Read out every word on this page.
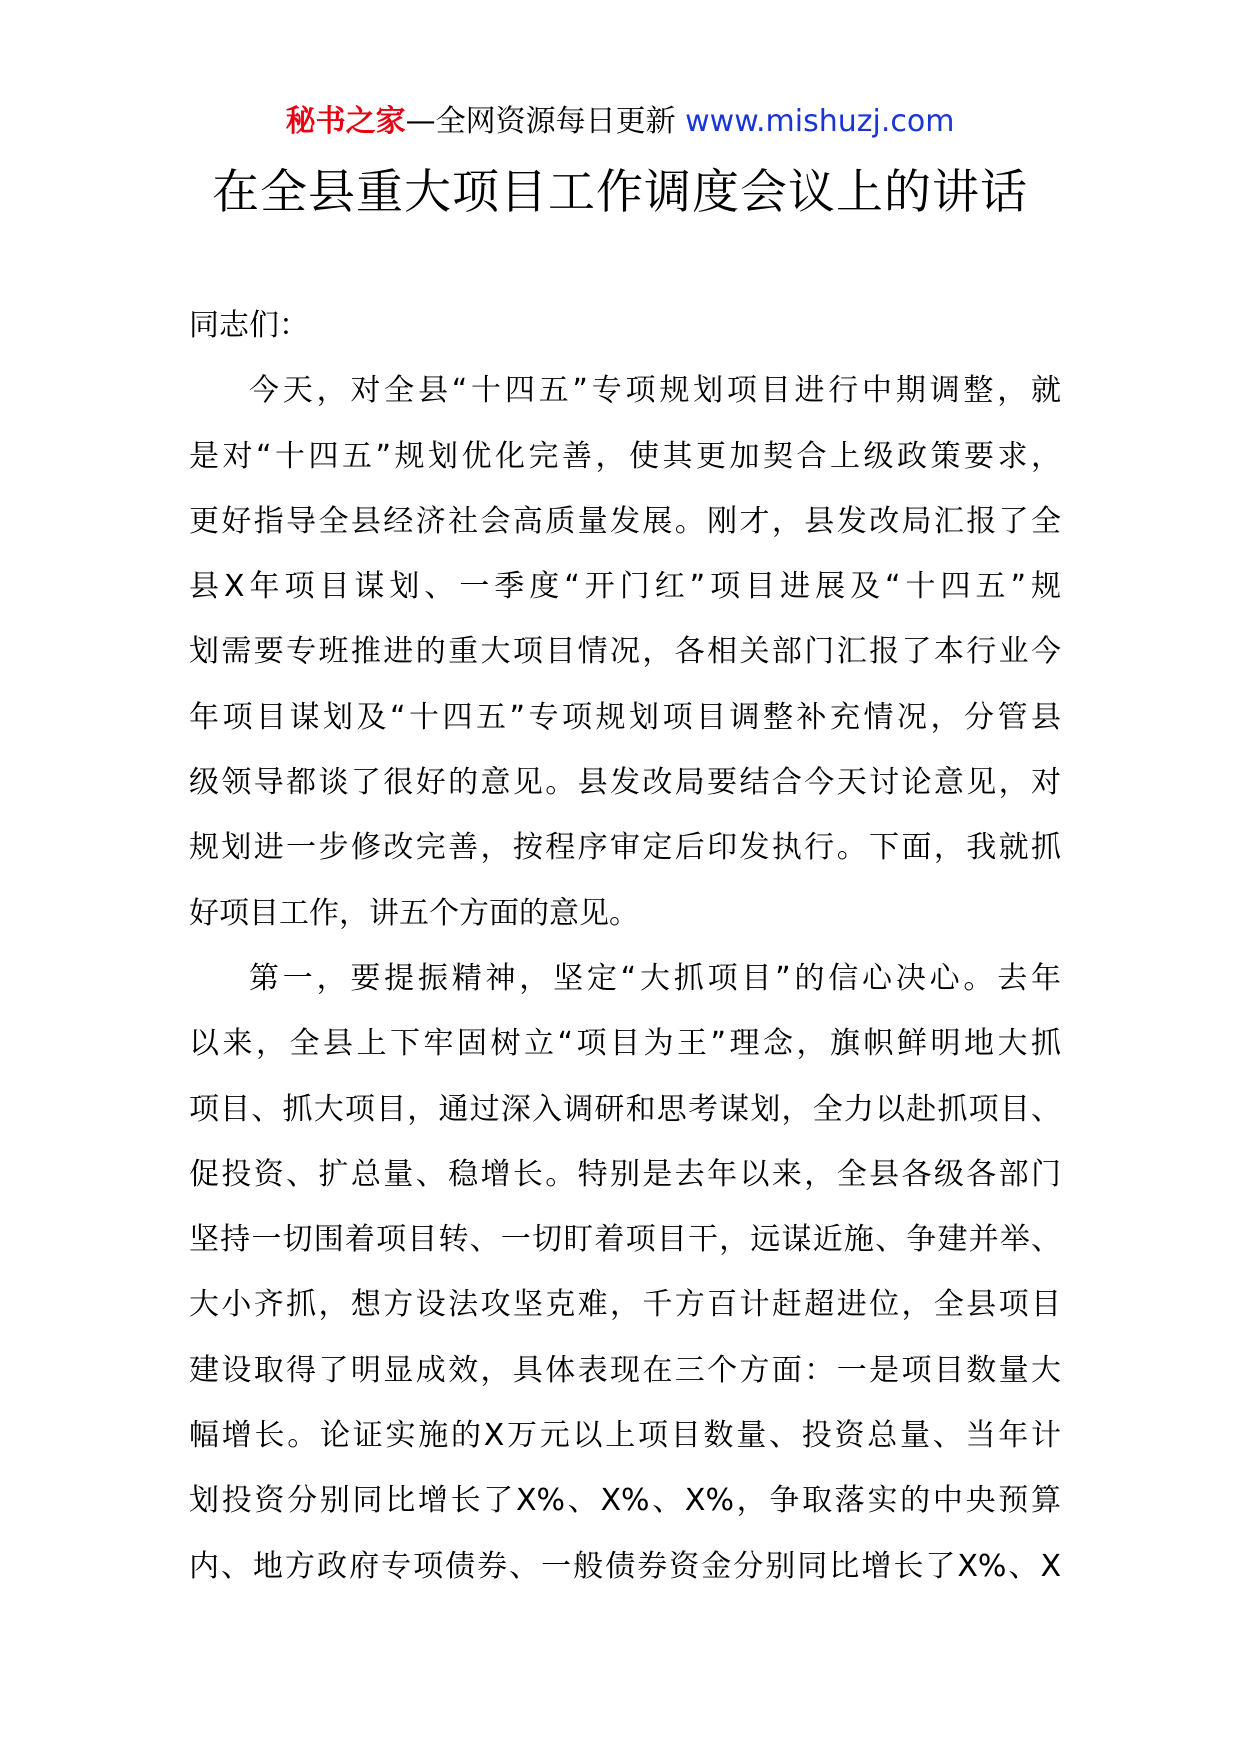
秘书之家—全网资源每日更新 www.mishuzj.com
在全县重大项目工作调度会议上的讲话

同志们：

今天，对全县“十四五”专项规划项目进行中期调整，就

是对“十四五”规划优化完善，使其更加契合上级政策要求，

更好指导全县经济社会高质量发展。刚才，县发改局汇报了全

县X年项目谋划、一季度“开门红”项目进展及“十四五”规

划需要专班推进的重大项目情况，各相关部门汇报了本行业今

年项目谋划及“十四五”专项规划项目调整补充情况，分管县

级领导都谈了很好的意见。县发改局要结合今天讨论意见，对

规划进一步修改完善，按程序审定后印发执行。下面，我就抓

好项目工作，讲五个方面的意见。

第一，要提振精神，坚定“大抓项目”的信心决心。去年

以来，全县上下牢固树立“项目为王”理念，旗帜鲜明地大抓

项目、抓大项目，通过深入调研和思考谋划，全力以赴抓项目、

促投资、扩总量、稳增长。特别是去年以来，全县各级各部门

坚持一切围着项目转、一切盯着项目干，远谋近施、争建并举、

大小齐抓，想方设法攻坚克难，千方百计赶超进位，全县项目

建设取得了明显成效，具体表现在三个方面：一是项目数量大

幅增长。论证实施的X万元以上项目数量、投资总量、当年计

划投资分别同比增长了X%、X%、X%，争取落实的中央预算

内、地方政府专项债券、一般债券资金分别同比增长了X%、X
